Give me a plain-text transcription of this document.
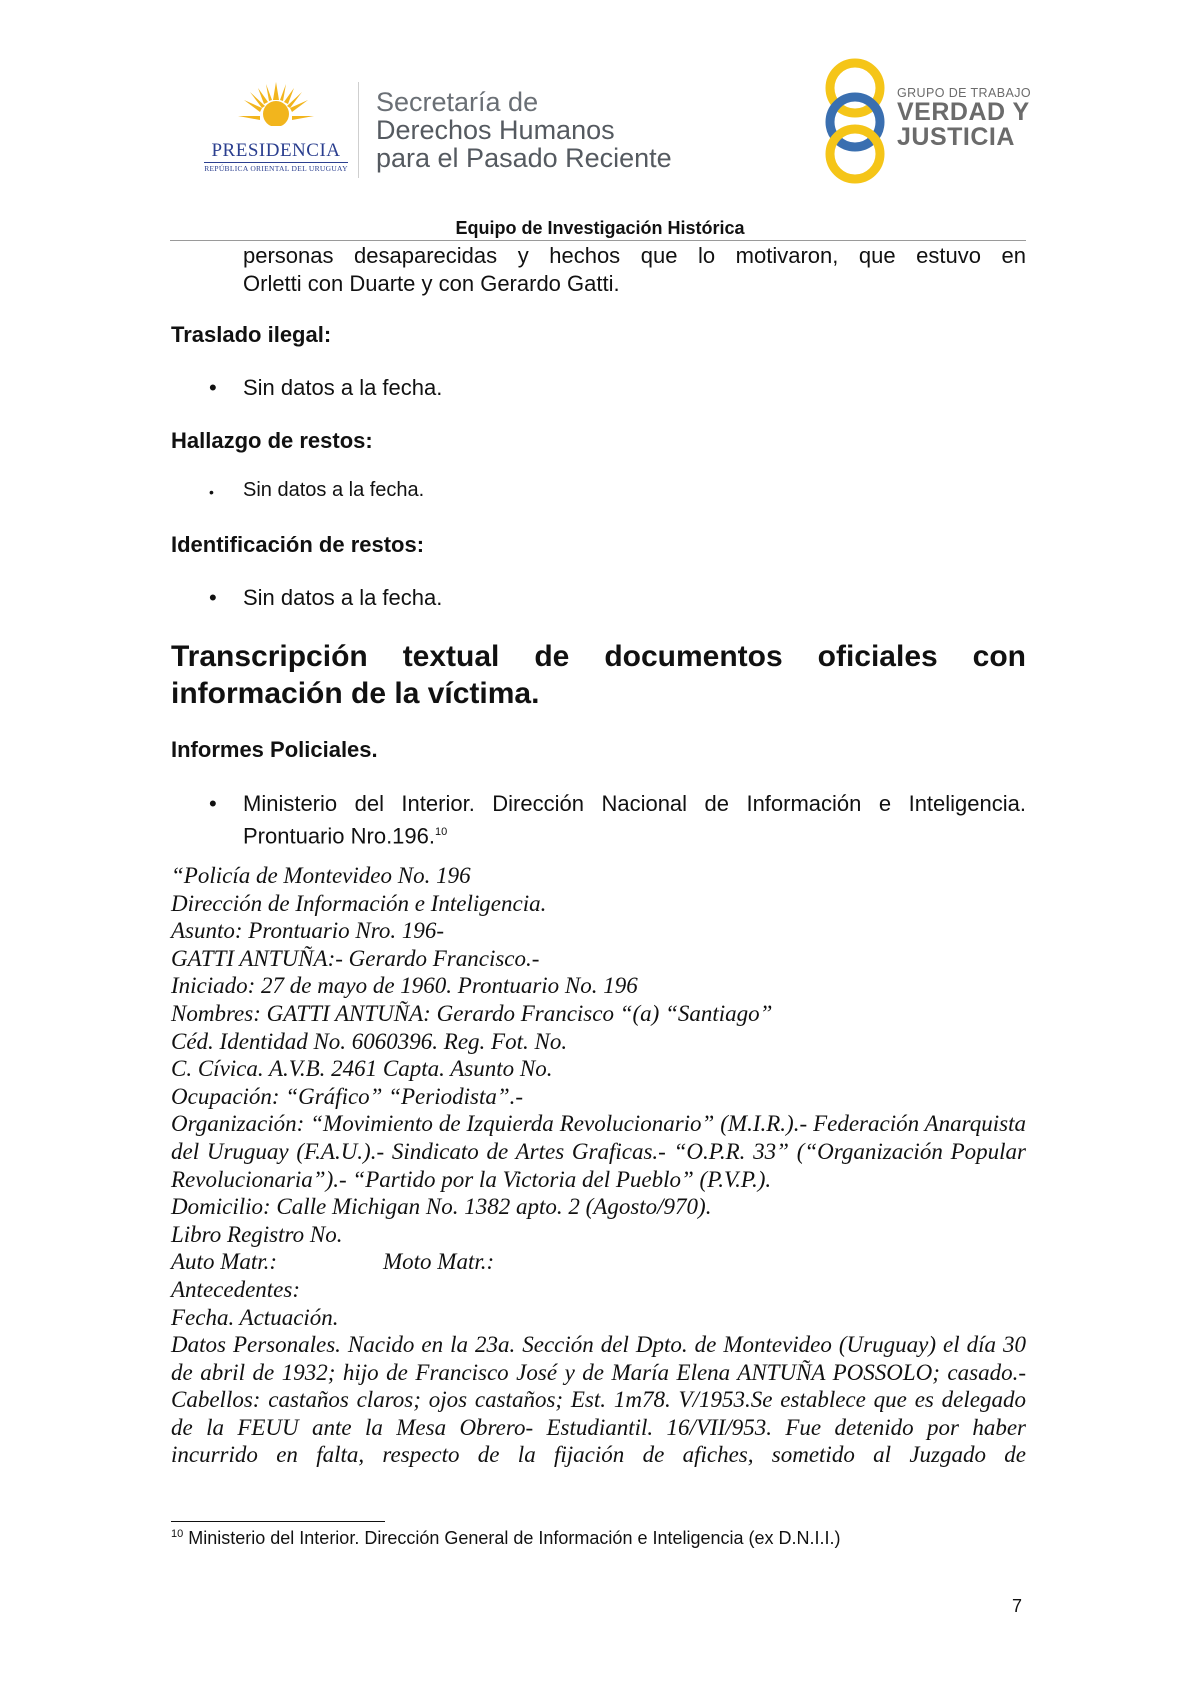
PRESIDENCIA
REPÚBLICA ORIENTAL DEL URUGUAY
Secretaría de
Derechos Humanos
para el Pasado Reciente
GRUPO DE TRABAJO
VERDAD Y
JUSTICIA
Equipo de Investigación Histórica
personas desaparecidas y hechos que lo motivaron, que estuvo en
Orletti con Duarte y con Gerardo Gatti.
Traslado ilegal:
• Sin datos a la fecha.
Hallazgo de restos:
• Sin datos a la fecha.
Identificación de restos:
• Sin datos a la fecha.
Transcripción textual de documentos oficiales con información de la víctima.
Informes Policiales.
• Ministerio del Interior. Dirección Nacional de Información e Inteligencia.
Prontuario Nro.196.10
“Policía de Montevideo No. 196
Dirección de Información e Inteligencia.
Asunto: Prontuario Nro. 196-
GATTI ANTUÑA:- Gerardo Francisco.-
Iniciado: 27 de mayo de 1960. Prontuario No. 196
Nombres: GATTI ANTUÑA: Gerardo Francisco “(a) “Santiago”
Céd. Identidad No. 6060396. Reg. Fot. No.
C. Cívica. A.V.B. 2461 Capta. Asunto No.
Ocupación: “Gráfico” “Periodista”.-
Organización: “Movimiento de Izquierda Revolucionario” (M.I.R.).- Federación Anarquista del Uruguay (F.A.U.).- Sindicato de Artes Graficas.- “O.P.R. 33” (“Organización Popular Revolucionaria”).- “Partido por la Victoria del Pueblo” (P.V.P.).
Domicilio: Calle Michigan No. 1382 apto. 2 (Agosto/970).
Libro Registro No.
Auto Matr.:	Moto Matr.:
Antecedentes:
Fecha. Actuación.
Datos Personales. Nacido en la 23a. Sección del Dpto. de Montevideo (Uruguay) el día 30 de abril de 1932; hijo de Francisco José y de María Elena ANTUÑA POSSOLO; casado.- Cabellos: castaños claros; ojos castaños; Est. 1m78. V/1953.Se establece que es delegado de la FEUU ante la Mesa Obrero- Estudiantil. 16/VII/953. Fue detenido por haber incurrido en falta, respecto de la fijación de afiches, sometido al Juzgado de
$^{10}$ Ministerio del Interior. Dirección General de Información e Inteligencia (ex D.N.I.I.)
7
